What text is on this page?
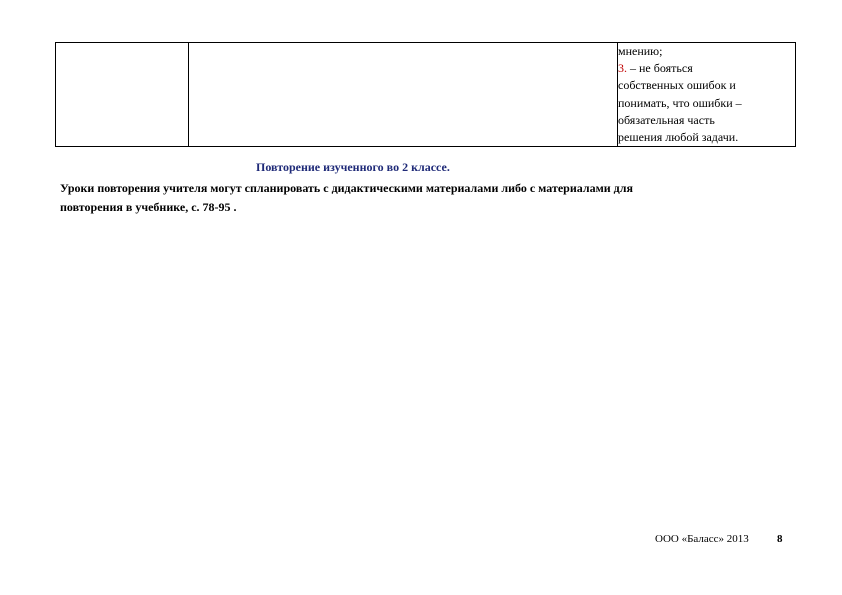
мнению;
3. – не бояться
собственных ошибок и
понимать, что ошибки –
обязательная часть
решения любой задачи.
Повторение изученного во 2 классе.
Уроки повторения учителя могут спланировать с дидактическими материалами либо с материалами для
повторения в учебнике, с. 78-95 .
ООО «Баласс» 2013	8
